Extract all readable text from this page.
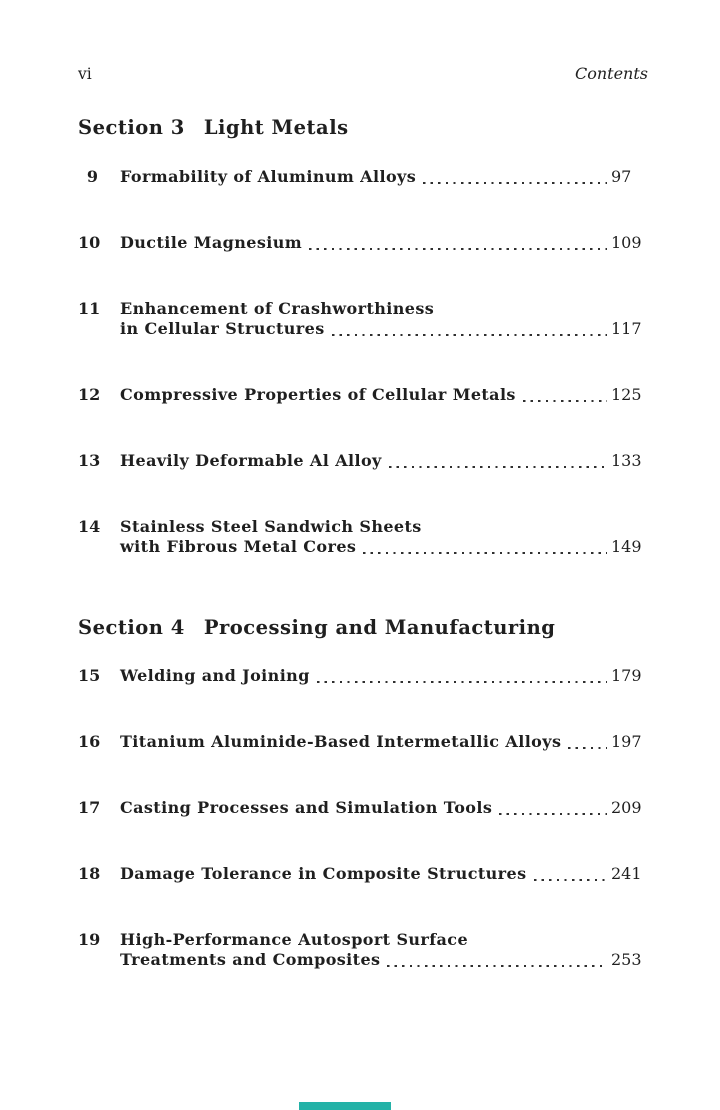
vi	Contents
Section 3 Light Metals
9 Formability of Aluminum Alloys	97
10 Ductile Magnesium	109
11 Enhancement of Crashworthiness
in Cellular Structures	117
12 Compressive Properties of Cellular Metals	125
13 Heavily Deformable Al Alloy	133
14 Stainless Steel Sandwich Sheets
with Fibrous Metal Cores	149
Section 4 Processing and Manufacturing
15 Welding and Joining	179
16 Titanium Aluminide-Based Intermetallic Alloys	197
17 Casting Processes and Simulation Tools	209
18 Damage Tolerance in Composite Structures	241
19 High-Performance Autosport Surface
Treatments and Composites	253
